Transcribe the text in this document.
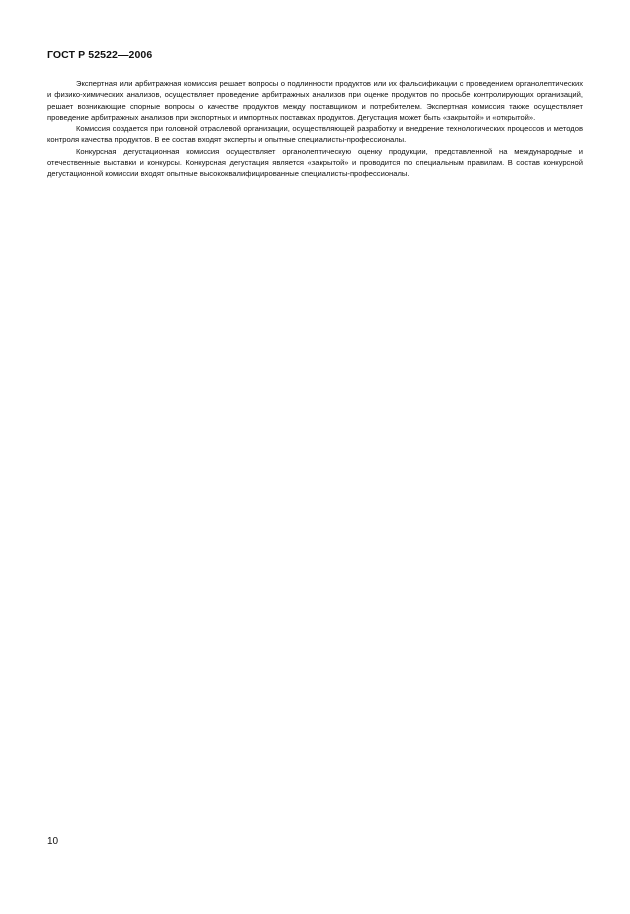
ГОСТ Р 52522—2006

Экспертная или арбитражная комиссия решает вопросы о подлинности продуктов или их фальсификации с проведением органолептических и физико-химических анализов, осуществляет проведение арбитражных анализов при оценке продуктов по просьбе контролирующих организаций, решает возникающие спорные вопросы о качестве продуктов между поставщиком и потребителем. Экспертная комиссия также осуществляет проведение арбитражных анализов при экспортных и импортных поставках продуктов. Дегустация может быть «закрытой» и «открытой».

Комиссия создается при головной отраслевой организации, осуществляющей разработку и внедрение технологических процессов и методов контроля качества продуктов. В ее состав входят эксперты и опытные специалисты-профессионалы.

Конкурсная дегустационная комиссия осуществляет органолептическую оценку продукции, представленной на международные и отечественные выставки и конкурсы. Конкурсная дегустация является «закрытой» и проводится по специальным правилам. В состав конкурсной дегустационной комиссии входят опытные высококвалифицированные специалисты-профессионалы.

10
